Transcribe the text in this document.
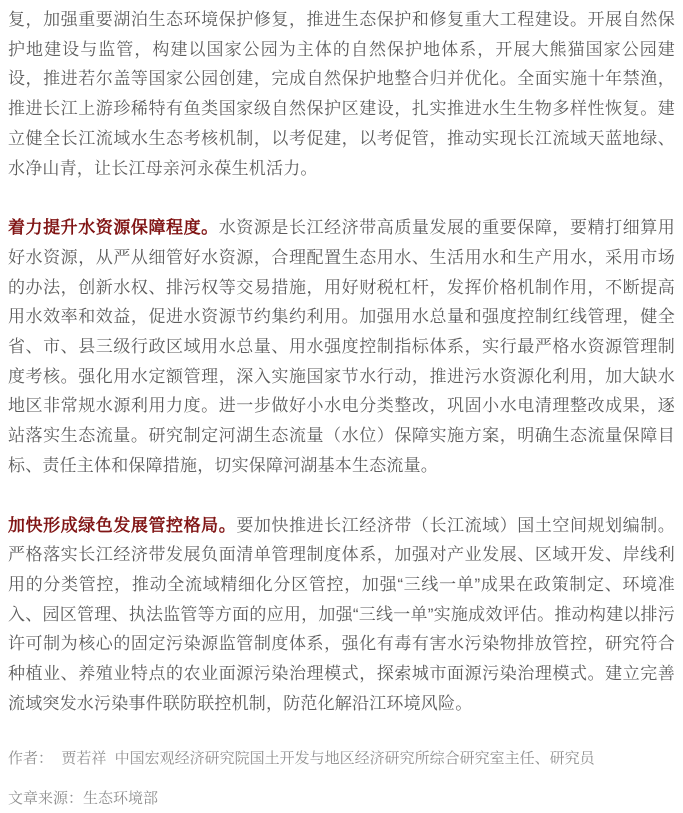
复，加强重要湖泊生态环境保护修复，推进生态保护和修复重大工程建设。开展自然保护地建设与监管，构建以国家公园为主体的自然保护地体系，开展大熊猫国家公园建设，推进若尔盖等国家公园创建，完成自然保护地整合归并优化。全面实施十年禁渔，推进长江上游珍稀特有鱼类国家级自然保护区建设，扎实推进水生生物多样性恢复。建立健全长江流域水生态考核机制，以考促建，以考促管，推动实现长江流域天蓝地绿、水净山青，让长江母亲河永葆生机活力。

着力提升水资源保障程度。水资源是长江经济带高质量发展的重要保障，要精打细算用好水资源，从严从细管好水资源，合理配置生态用水、生活用水和生产用水，采用市场的办法，创新水权、排污权等交易措施，用好财税杠杆，发挥价格机制作用，不断提高用水效率和效益，促进水资源节约集约利用。加强用水总量和强度控制红线管理，健全省、市、县三级行政区域用水总量、用水强度控制指标体系，实行最严格水资源管理制度考核。强化用水定额管理，深入实施国家节水行动，推进污水资源化利用，加大缺水地区非常规水源利用力度。进一步做好小水电分类整改，巩固小水电清理整改成果，逐站落实生态流量。研究制定河湖生态流量（水位）保障实施方案，明确生态流量保障目标、责任主体和保障措施，切实保障河湖基本生态流量。

加快形成绿色发展管控格局。要加快推进长江经济带（长江流域）国土空间规划编制。严格落实长江经济带发展负面清单管理制度体系，加强对产业发展、区域开发、岸线利用的分类管控，推动全流域精细化分区管控，加强“三线一单”成果在政策制定、环境准入、园区管理、执法监管等方面的应用，加强“三线一单”实施成效评估。推动构建以排污许可制为核心的固定污染源监管制度体系，强化有毒有害水污染物排放管控，研究符合种植业、养殖业特点的农业面源污染治理模式，探索城市面源污染治理模式。建立完善流域突发水污染事件联防联控机制，防范化解沿江环境风险。

作者：  贾若祥  中国宏观经济研究院国土开发与地区经济研究所综合研究室主任、研究员

文章来源：生态环境部
